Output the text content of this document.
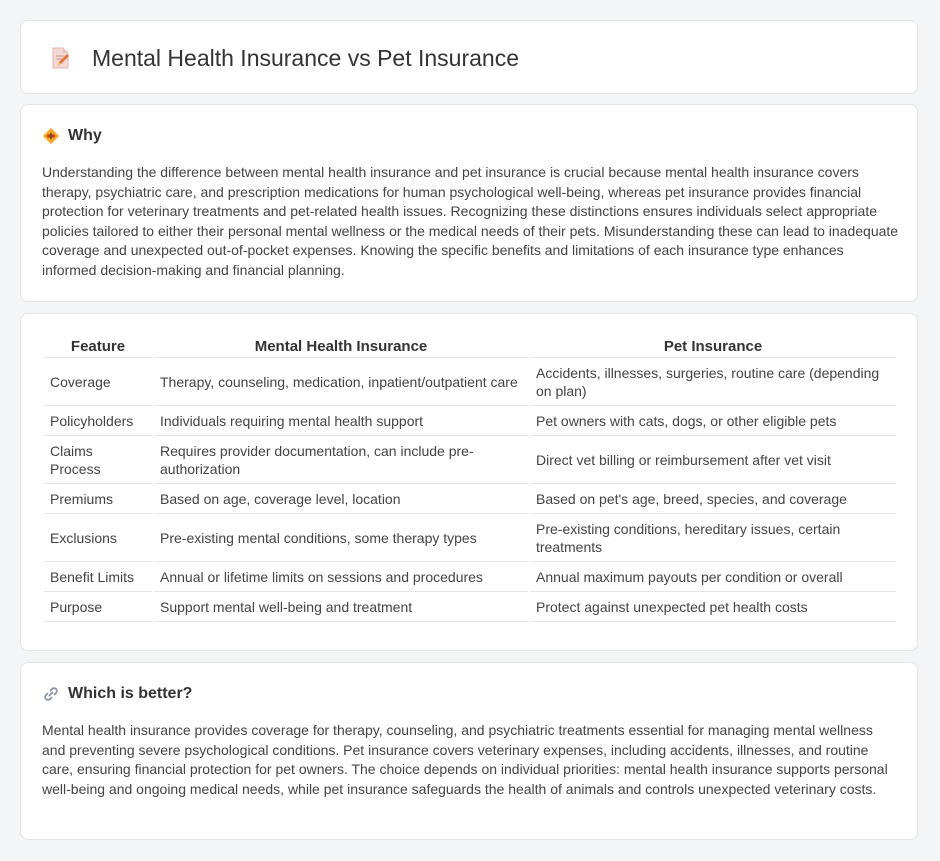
Mental Health Insurance vs Pet Insurance
Why

Understanding the difference between mental health insurance and pet insurance is crucial because mental health insurance covers therapy, psychiatric care, and prescription medications for human psychological well-being, whereas pet insurance provides financial protection for veterinary treatments and pet-related health issues. Recognizing these distinctions ensures individuals select appropriate policies tailored to either their personal mental wellness or the medical needs of their pets. Misunderstanding these can lead to inadequate coverage and unexpected out-of-pocket expenses. Knowing the specific benefits and limitations of each insurance type enhances informed decision-making and financial planning.

Feature	Mental Health Insurance	Pet Insurance
Coverage	Therapy, counseling, medication, inpatient/outpatient care	Accidents, illnesses, surgeries, routine care (depending on plan)
Policyholders	Individuals requiring mental health support	Pet owners with cats, dogs, or other eligible pets
Claims Process	Requires provider documentation, can include pre-authorization	Direct vet billing or reimbursement after vet visit
Premiums	Based on age, coverage level, location	Based on pet's age, breed, species, and coverage
Exclusions	Pre-existing mental conditions, some therapy types	Pre-existing conditions, hereditary issues, certain treatments
Benefit Limits	Annual or lifetime limits on sessions and procedures	Annual maximum payouts per condition or overall
Purpose	Support mental well-being and treatment	Protect against unexpected pet health costs
Which is better?

Mental health insurance provides coverage for therapy, counseling, and psychiatric treatments essential for managing mental wellness and preventing severe psychological conditions. Pet insurance covers veterinary expenses, including accidents, illnesses, and routine care, ensuring financial protection for pet owners. The choice depends on individual priorities: mental health insurance supports personal well-being and ongoing medical needs, while pet insurance safeguards the health of animals and controls unexpected veterinary costs.
